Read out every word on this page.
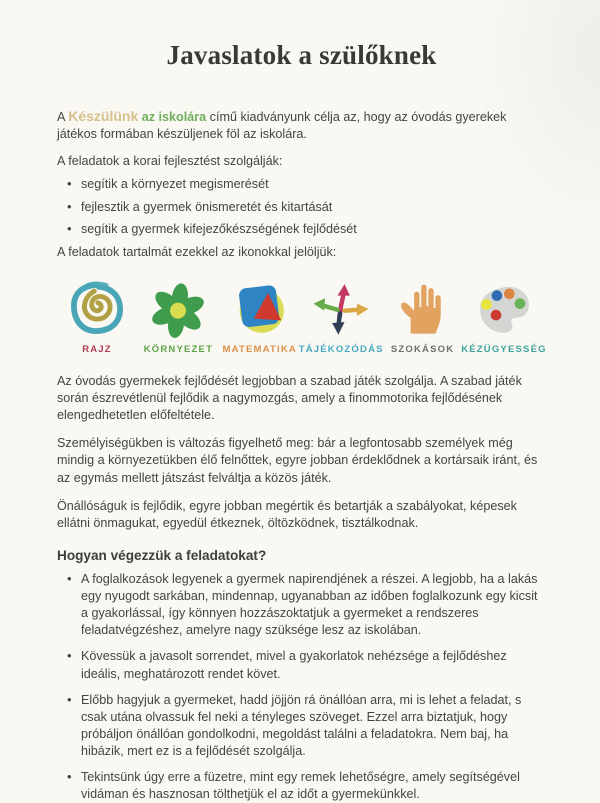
Javaslatok a szülőknek

A Készülünk az iskolára című kiadványunk célja az, hogy az óvodás gyerekek játékos formában készüljenek föl az iskolára.

A feladatok a korai fejlesztést szolgálják:

• segítik a környezet megismerését
• fejlesztik a gyermek önismeretét és kitartását
• segítik a gyermek kifejezőkészségének fejlődését

A feladatok tartalmát ezekkel az ikonokkal jelöljük:

RAJZ	KÖRNYEZET MATEMATIKA TÁJÉKOZÓDÁS SZOKÁSOK KÉZÜGYESSÉG

Az óvodás gyermekek fejlődését legjobban a szabad játék szolgálja. A szabad játék során észrevétlenül fejlődik a nagymozgás, amely a finommotorika fejlődésének elengedhetetlen előfeltétele.

Személyiségükben is változás figyelhető meg: bár a legfontosabb személyek még mindig a környezetükben élő felnőttek, egyre jobban érdeklődnek a kortársaik iránt, és az egymás mellett játszást felváltja a közös játék.

Önállóságuk is fejlődik, egyre jobban megértik és betartják a szabályokat, képesek ellátni önmagukat, egyedül étkeznek, öltözködnek, tisztálkodnak.

Hogyan végezzük a feladatokat?
• A foglalkozások legyenek a gyermek napirendjének a részei. A legjobb, ha a lakás egy nyugodt sarkában, mindennap, ugyanabban az időben foglalkozunk egy kicsit a gyakorlással, így könnyen hozzászoktatjuk a gyermeket a rendszeres feladatvégzéshez, amelyre nagy szüksége lesz az iskolában.
• Kövessük a javasolt sorrendet, mivel a gyakorlatok nehézsége a fejlődéshez ideális, meghatározott rendet követ.
• Előbb hagyjuk a gyermeket, hadd jöjjön rá önállóan arra, mi is lehet a feladat, s csak utána olvassuk fel neki a tényleges szöveget. Ezzel arra biztatjuk, hogy próbáljon önállóan gondolkodni, megoldást találni a feladatokra. Nem baj, ha hibázik, mert ez is a fejlődését szolgálja.
• Tekintsünk úgy erre a füzetre, mint egy remek lehetőségre, amely segítségével vidáman és hasznosan tölthetjük el az időt a gyermekünkkel.
